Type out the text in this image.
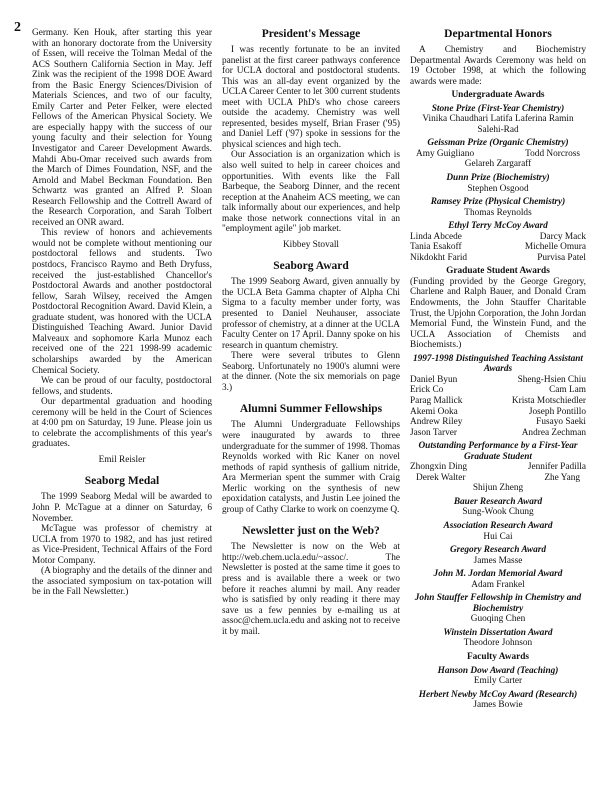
2 Germany. Ken Houk, after starting this year with an honorary doctorate from the University of Essen, will receive the Tolman Medal of the ACS Southern California Section in May. Jeff Zink was the recipient of the 1998 DOE Award from the Basic Energy Sciences/Division of Materials Sciences, and two of our faculty, Emily Carter and Peter Felker, were elected Fellows of the American Physical Society. We are especially happy with the success of our young faculty and their selection for Young Investigator and Career Development Awards. Mahdi Abu-Omar received such awards from the March of Dimes Foundation, NSF, and the Arnold and Mabel Beckman Foundation. Ben Schwartz was granted an Alfred P. Sloan Research Fellowship and the Cottrell Award of the Research Corporation, and Sarah Tolbert received an ONR award.

This review of honors and achievements would not be complete without mentioning our postdoctoral fellows and students. Two postdocs, Francisco Raymo and Beth Dryfuss, received the just-established Chancellor's Postdoctoral Awards and another postdoctoral fellow, Sarah Wilsey, received the Amgen Postdoctoral Recognition Award. David Klein, a graduate student, was honored with the UCLA Distinguished Teaching Award. Junior David Malveaux and sophomore Karla Munoz each received one of the 221 1998-99 academic scholarships awarded by the American Chemical Society.

We can be proud of our faculty, postdoctoral fellows, and students.

Our departmental graduation and hooding ceremony will be held in the Court of Sciences at 4:00 pm on Saturday, 19 June. Please join us to celebrate the accomplishments of this year's graduates.

Emil Reisler
Seaborg Medal

The 1999 Seaborg Medal will be awarded to John P. McTague at a dinner on Saturday, 6 November.

McTague was professor of chemistry at UCLA from 1970 to 1982, and has just retired as Vice-President, Technical Affairs of the Ford Motor Company.

(A biography and the details of the dinner and the associated symposium on tax-potation will be in the Fall Newsletter.)

President's Message

I was recently fortunate to be an invited panelist at the first career pathways conference for UCLA doctoral and postdoctoral students. This was an all-day event organized by the UCLA Career Center to let 300 current students meet with UCLA PhD's who chose careers outside the academy. Chemistry was well represented, besides myself, Brian Fraser ('95) and Daniel Leff ('97) spoke in sessions for the physical sciences and high tech.

Our Association is an organization which is also well suited to help in career choices and opportunities. With events like the Fall Barbeque, the Seaborg Dinner, and the recent reception at the Anaheim ACS meeting, we can talk informally about our experiences, and help make those network connections vital in an "employment agile" job market.

Kibbey Stovall
Seaborg Award

The 1999 Seaborg Award, given annually by the UCLA Beta Gamma chapter of Alpha Chi Sigma to a faculty member under forty, was presented to Daniel Neuhauser, associate professor of chemistry, at a dinner at the UCLA Faculty Center on 17 April. Danny spoke on his research in quantum chemistry.

There were several tributes to Glenn Seaborg. Unfortunately no 1900's alumni were at the dinner. (Note the six memorials on page 3.)

Alumni Summer Fellowships

The Alumni Undergraduate Fellowships were inaugurated by awards to three undergraduate for the summer of 1998. Thomas Reynolds worked with Ric Kaner on novel methods of rapid synthesis of gallium nitride, Ara Mermerian spent the summer with Craig Merlic working on the synthesis of new epoxidation catalysts, and Justin Lee joined the group of Cathy Clarke to work on coenzyme Q.

Newsletter just on the Web?

The Newsletter is now on the Web at http://web.chem.ucla.edu/~assoc/. The Newsletter is posted at the same time it goes to press and is available there a week or two before it reaches alumni by mail. Any reader who is satisfied by only reading it there may save us a few pennies by e-mailing us at assoc@chem.ucla.edu and asking not to receive it by mail.

Departmental Honors

A Chemistry and Biochemistry Departmental Awards Ceremony was held on 19 October 1998, at which the following awards were made:

Undergraduate Awards
Stone Prize (First-Year Chemistry)
Vinika Chaudhari Latifa Laferina Ramin Salehi-Rad
Geissman Prize (Organic Chemistry)
Amy Guigliano	Todd Norcross
Gelareh Zargaraff
Dunn Prize (Biochemistry)
Stephen Osgood
Ramsey Prize (Physical Chemistry)
Thomas Reynolds
Ethyl Terry McCoy Award
Linda Abcede	Darcy Mack
Tania Esakoff	Michelle Omura
Nikdokht Farid	Purvisa Patel
Graduate Student Awards

(Funding provided by the George Gregory, Charlene and Ralph Bauer, and Donald Cram Endowments, the John Stauffer Charitable Trust, the Upjohn Corporation, the John Jordan Memorial Fund, the Winstein Fund, and the UCLA Association of Chemists and Biochemists.)

1997-1998 Distinguished Teaching Assistant Awards
Daniel Byun	Sheng-Hsien Chiu
Erick Co	Cam Lam
Parag Mallick	Krista Motschiedler
Akemi Ooka	Joseph Pontillo
Andrew Riley	Fusayo Saeki
Jason Tarver	Andrea Zechman
Outstanding Performance by a First-Year Graduate Student
Zhongxin Ding	Jennifer Padilla
Derek Walter	Zhe Yang
Shijun Zheng
Bauer Research Award
Sung-Wook Chung
Association Research Award
Hui Cai
Gregory Research Award
James Masse
John M. Jordan Memorial Award
Adam Frankel
John Stauffer Fellowship in Chemistry and Biochemistry
Guoqing Chen
Winstein Dissertation Award
Theodore Johnson
Faculty Awards
Hanson Dow Award (Teaching)
Emily Carter
Herbert Newby McCoy Award (Research)
James Bowie
